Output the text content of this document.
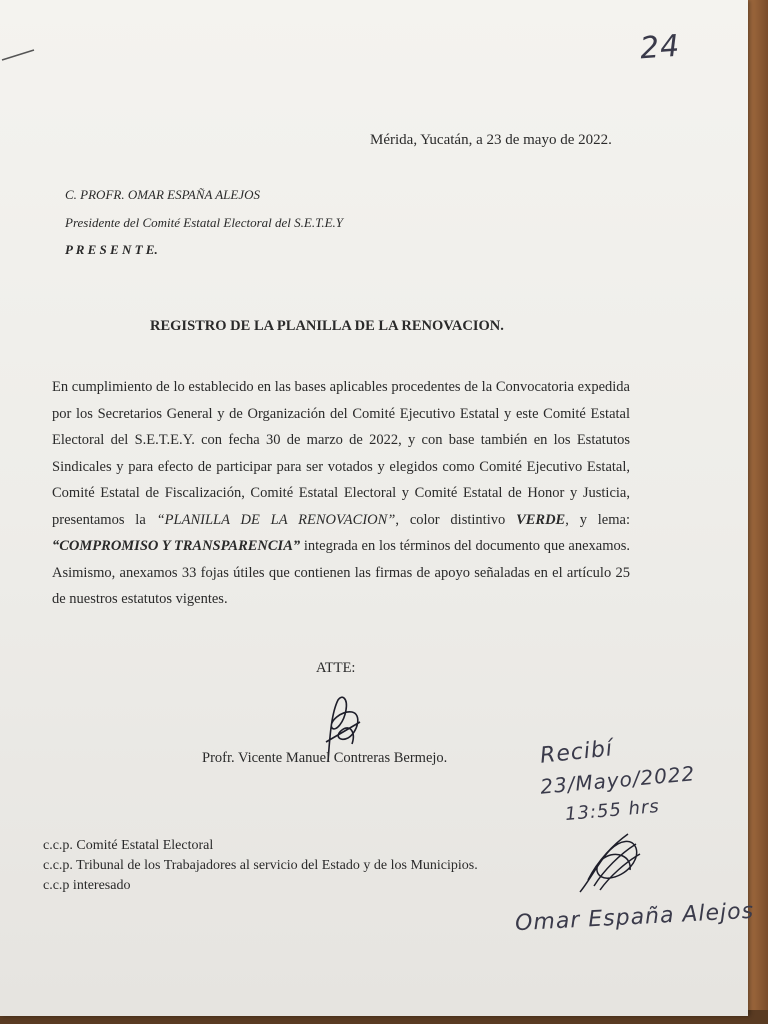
24
Mérida, Yucatán, a 23 de mayo de 2022.
C. PROFR. OMAR ESPAÑA ALEJOS
Presidente del Comité Estatal Electoral del S.E.T.E.Y
P R E S E N T E.
REGISTRO DE LA PLANILLA DE LA RENOVACION.

En cumplimiento de lo establecido en las bases aplicables procedentes de la Convocatoria expedida por los Secretarios General y de Organización del Comité Ejecutivo Estatal y este Comité Estatal Electoral del S.E.T.E.Y. con fecha 30 de marzo de 2022, y con base también en los Estatutos Sindicales y para efecto de participar para ser votados y elegidos como Comité Ejecutivo Estatal, Comité Estatal de Fiscalización, Comité Estatal Electoral y Comité Estatal de Honor y Justicia, presentamos la “PLANILLA DE LA RENOVACION”, color distintivo VERDE, y lema: “COMPROMISO Y TRANSPARENCIA” integrada en los términos del documento que anexamos. Asimismo, anexamos 33 fojas útiles que contienen las firmas de apoyo señaladas en el artículo 25 de nuestros estatutos vigentes.

ATTE:
Profr. Vicente Manuel Contreras Bermejo.
c.c.p. Comité Estatal Electoral
c.c.p. Tribunal de los Trabajadores al servicio del Estado y de los Municipios.
c.c.p interesado
Recibí
23/Mayo/2022
13:55 hrs
Omar España Alejos
